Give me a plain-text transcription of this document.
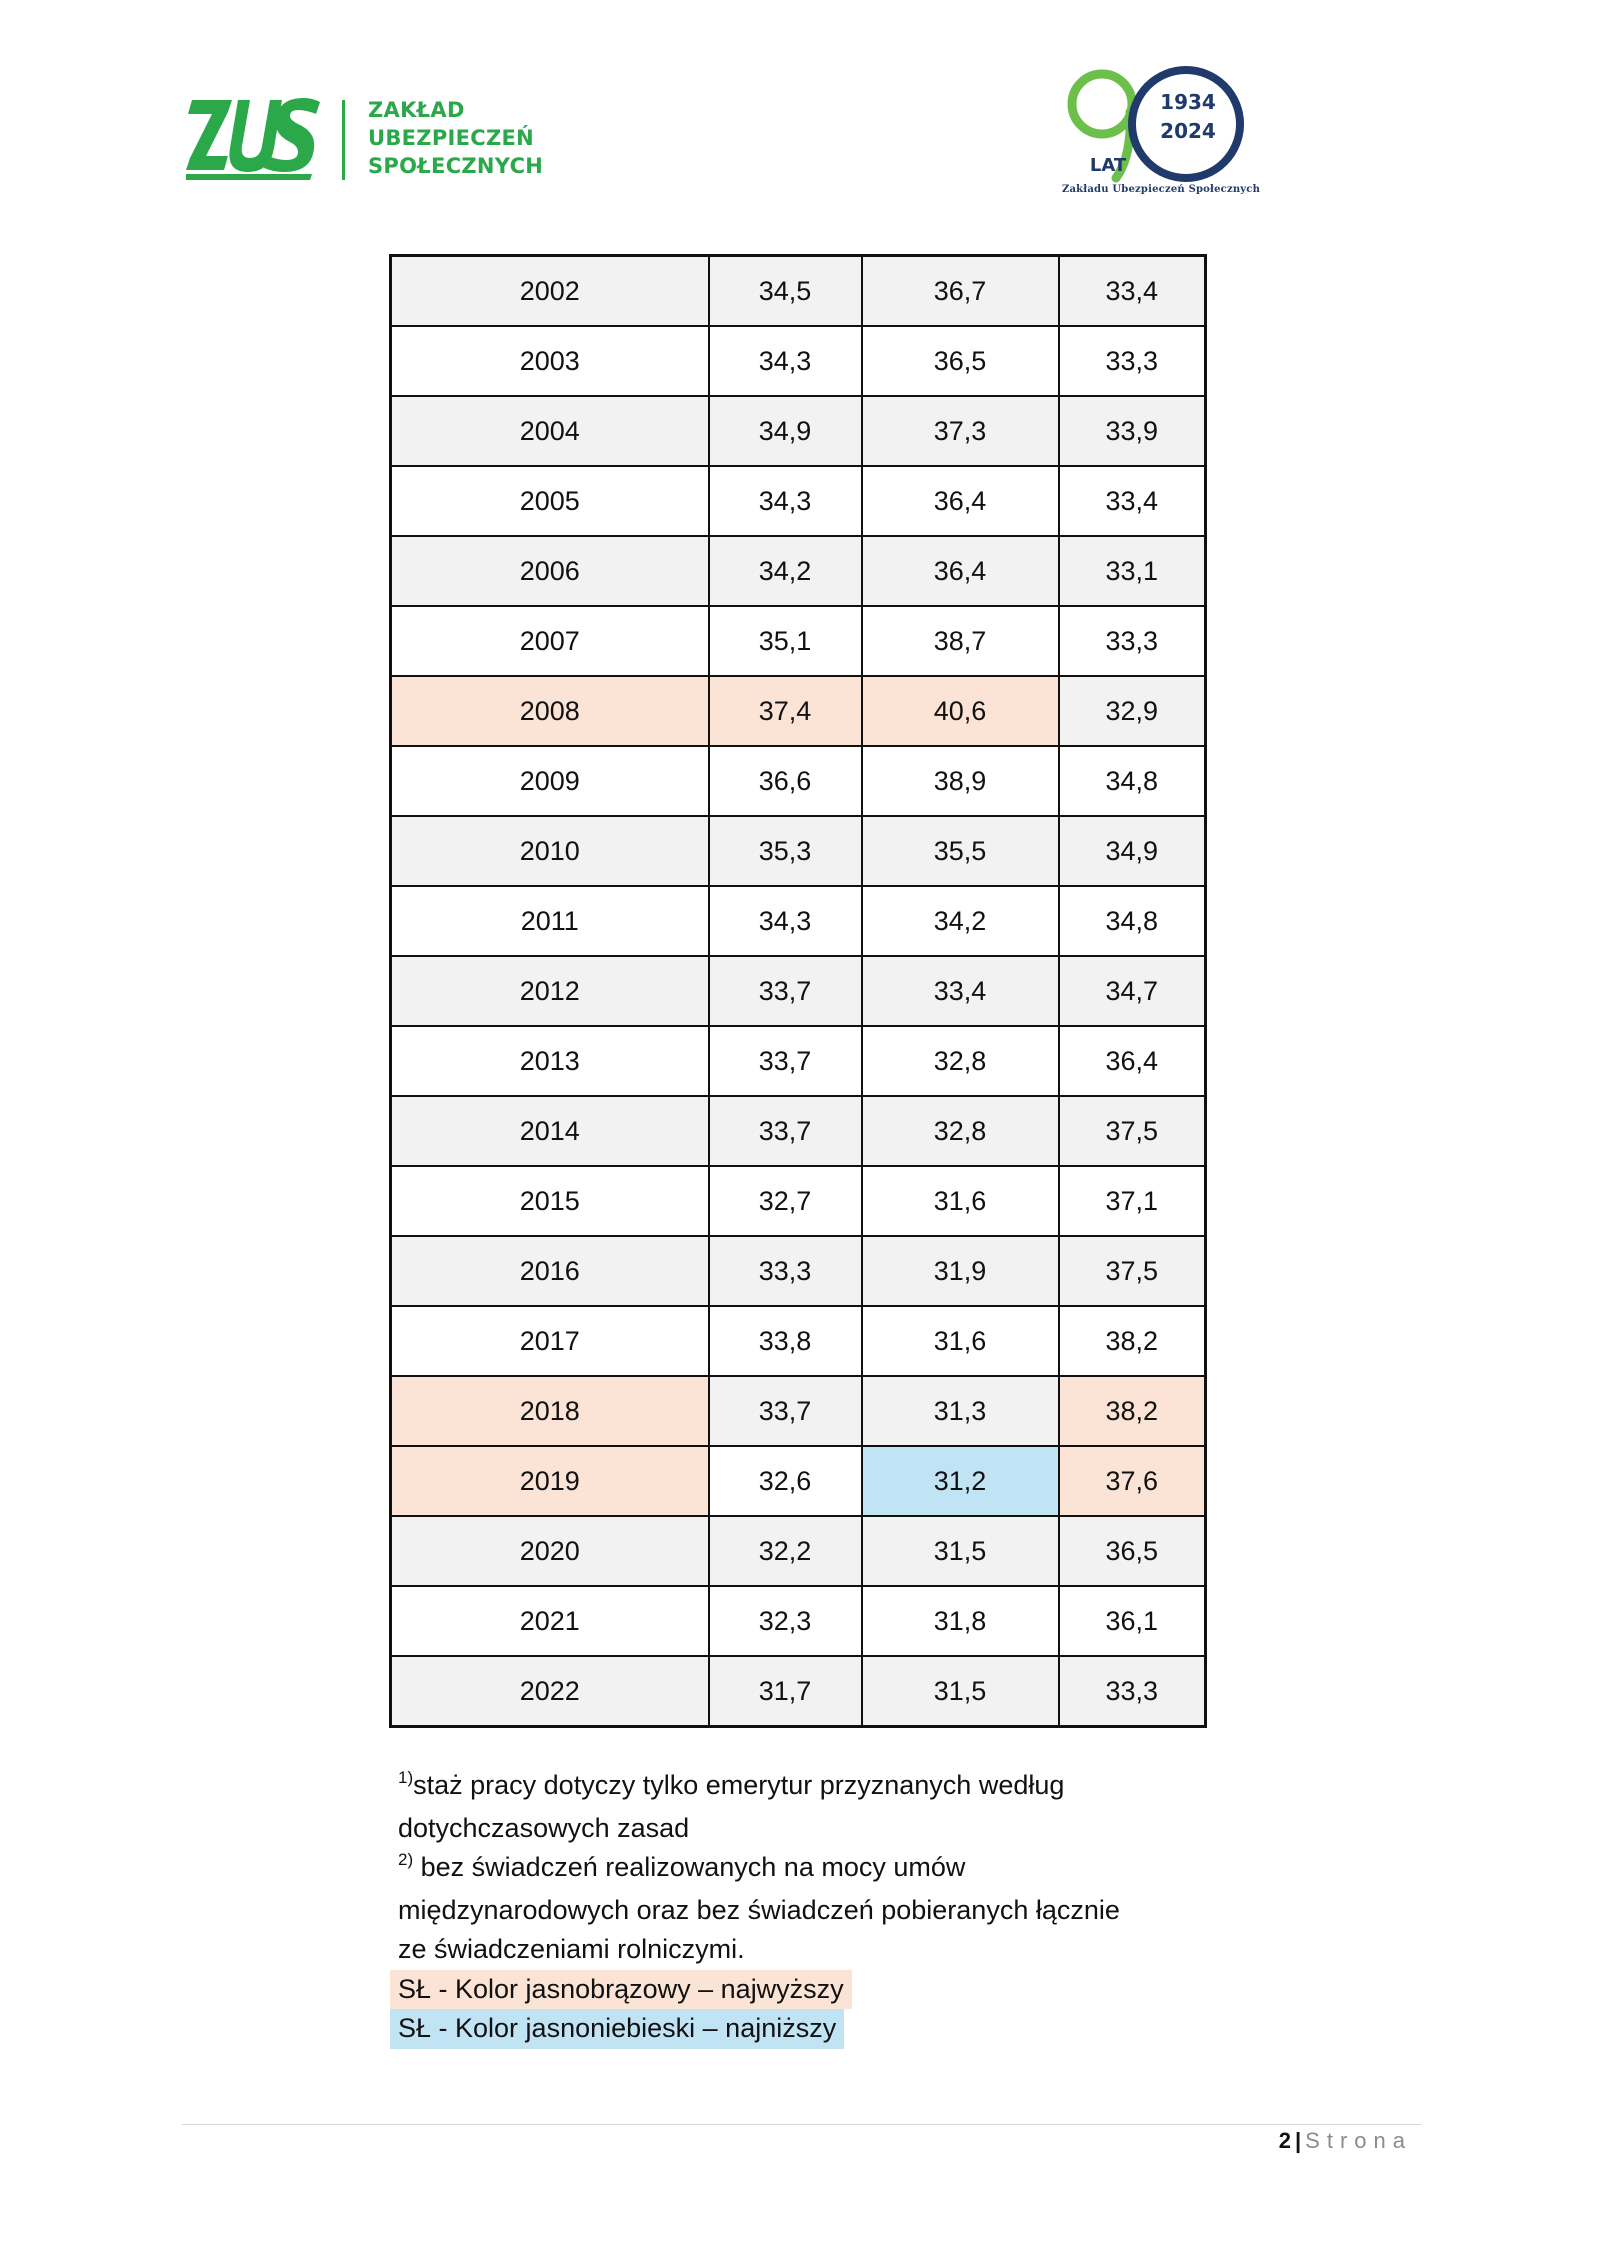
ZAKŁAD
UBEZPIECZEŃ
SPOŁECZNYCH
1934
2024
LAT
Zakładu Ubezpieczeń Społecznych
2002	34,5	36,7	33,4
2003	34,3	36,5	33,3
2004	34,9	37,3	33,9
2005	34,3	36,4	33,4
2006	34,2	36,4	33,1
2007	35,1	38,7	33,3
2008	37,4	40,6	32,9
2009	36,6	38,9	34,8
2010	35,3	35,5	34,9
2011	34,3	34,2	34,8
2012	33,7	33,4	34,7
2013	33,7	32,8	36,4
2014	33,7	32,8	37,5
2015	32,7	31,6	37,1
2016	33,3	31,9	37,5
2017	33,8	31,6	38,2
2018	33,7	31,3	38,2
2019	32,6	31,2	37,6
2020	32,2	31,5	36,5
2021	32,3	31,8	36,1
2022	31,7	31,5	33,3

$^{1)}$staż pracy dotyczy tylko emerytur przyznanych według

dotychczasowych zasad

$^{2)}$ bez świadczeń realizowanych na mocy umów

międzynarodowych oraz bez świadczeń pobieranych łącznie

ze świadczeniami rolniczymi.

SŁ - Kolor jasnobrązowy – najwyższy

SŁ - Kolor jasnoniebieski – najniższy

2 | Strona
